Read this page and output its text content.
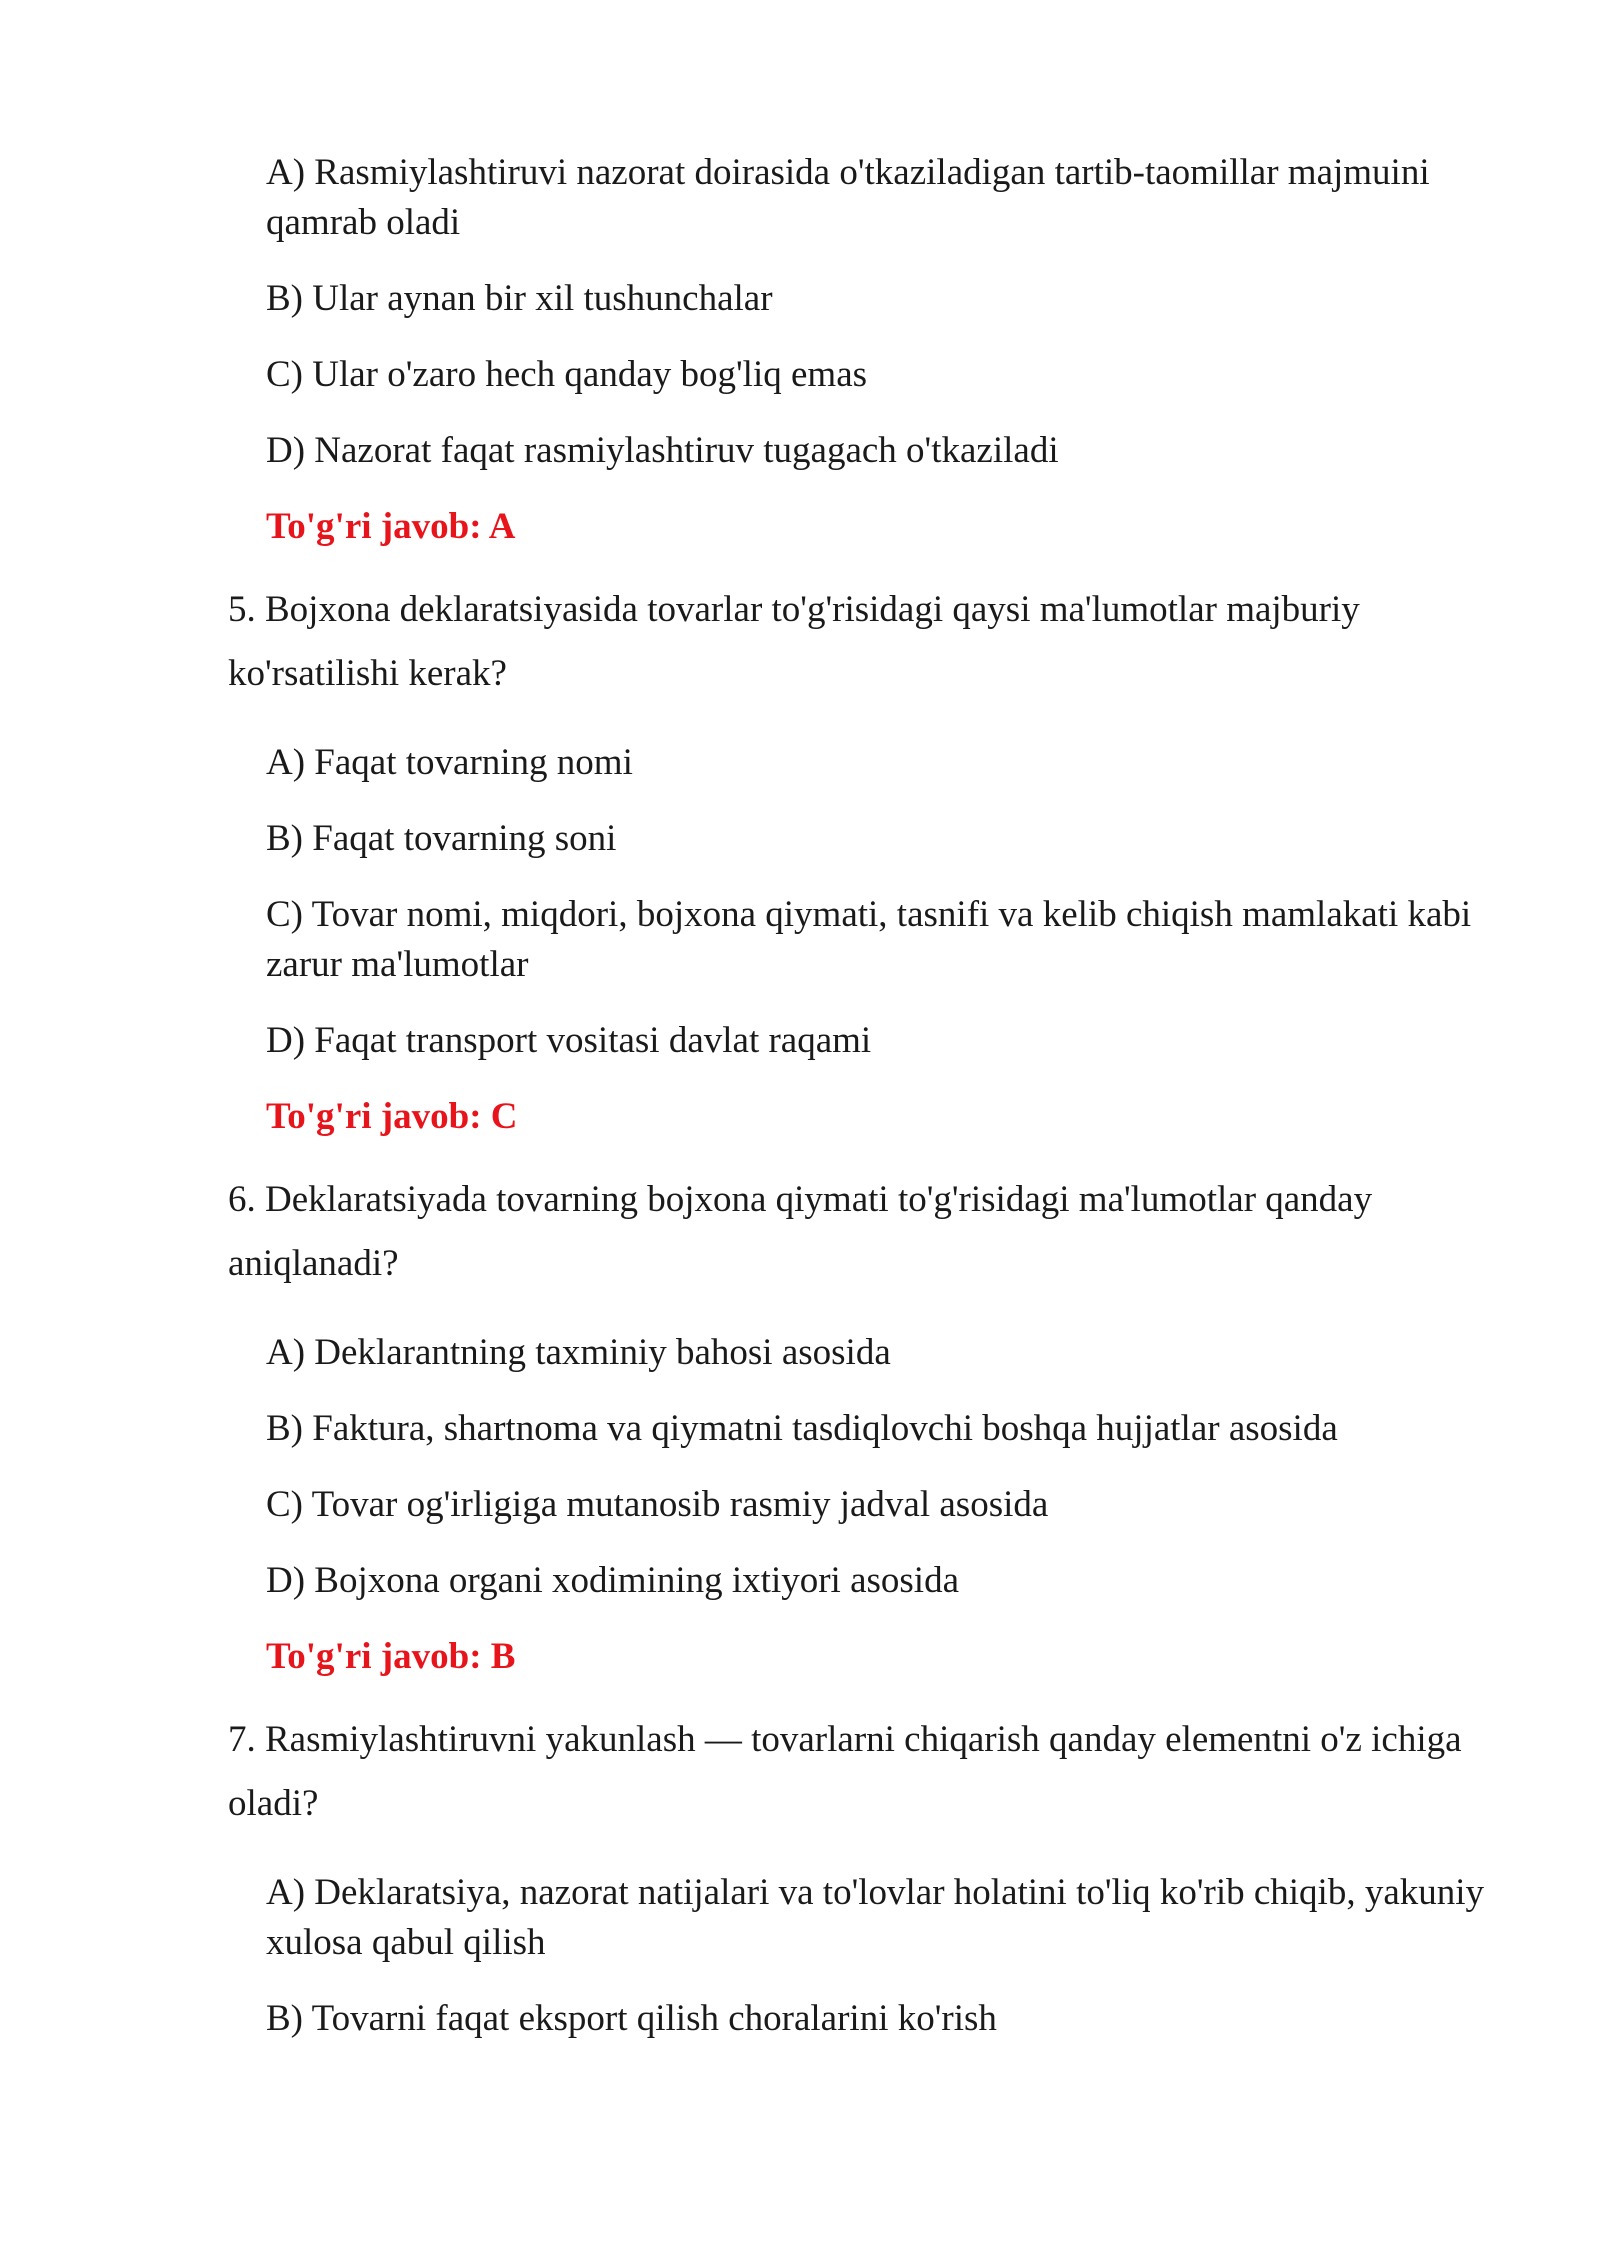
A) Rasmiylashtiruvi nazorat doirasida o'tkaziladigan tartib-taomillar majmuini qamrab oladi
B) Ular aynan bir xil tushunchalar
C) Ular o'zaro hech qanday bog'liq emas
D) Nazorat faqat rasmiylashtiruv tugagach o'tkaziladi
To'g'ri javob: A
5. Bojxona deklaratsiyasida tovarlar to'g'risidagi qaysi ma'lumotlar majburiy ko'rsatilishi kerak?
A) Faqat tovarning nomi
B) Faqat tovarning soni
C) Tovar nomi, miqdori, bojxona qiymati, tasnifi va kelib chiqish mamlakati kabi zarur ma'lumotlar
D) Faqat transport vositasi davlat raqami
To'g'ri javob: C
6. Deklaratsiyada tovarning bojxona qiymati to'g'risidagi ma'lumotlar qanday aniqlanadi?
A) Deklarantning taxminiy bahosi asosida
B) Faktura, shartnoma va qiymatni tasdiqlovchi boshqa hujjatlar asosida
C) Tovar og'irligiga mutanosib rasmiy jadval asosida
D) Bojxona organi xodimining ixtiyori asosida
To'g'ri javob: B
7. Rasmiylashtiruvni yakunlash — tovarlarni chiqarish qanday elementni o'z ichiga oladi?
A) Deklaratsiya, nazorat natijalari va to'lovlar holatini to'liq ko'rib chiqib, yakuniy xulosa qabul qilish
B) Tovarni faqat eksport qilish choralarini ko'rish
